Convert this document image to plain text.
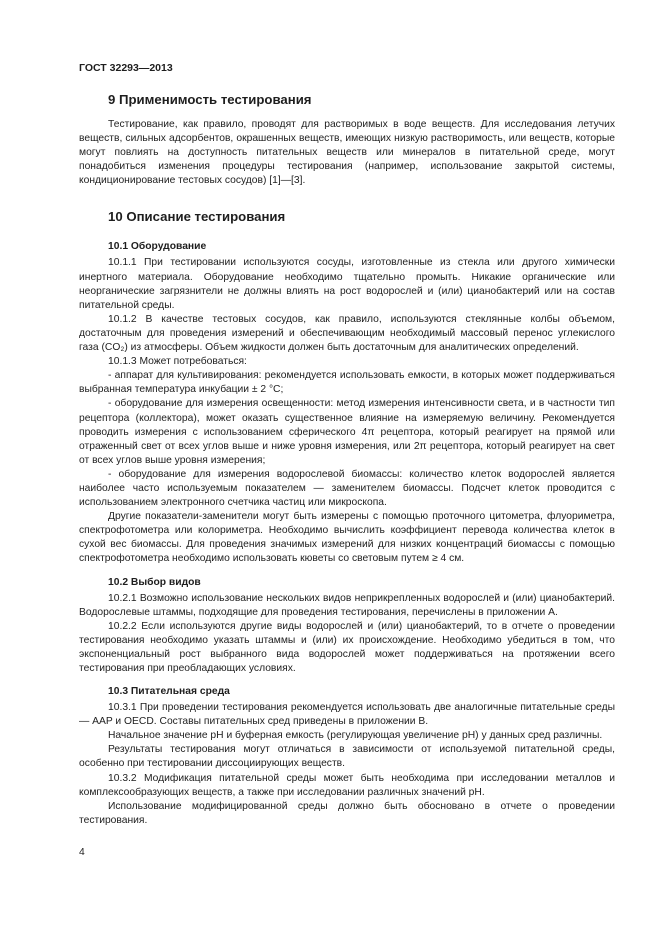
ГОСТ 32293—2013
9 Применимость тестирования

Тестирование, как правило, проводят для растворимых в воде веществ. Для исследования летучих веществ, сильных адсорбентов, окрашенных веществ, имеющих низкую растворимость, или веществ, которые могут повлиять на доступность питательных веществ или минералов в питательной среде, могут понадобиться изменения процедуры тестирования (например, использование закрытой системы, кондиционирование тестовых сосудов) [1]—[3].

10 Описание тестирования
10.1 Оборудование

10.1.1 При тестировании используются сосуды, изготовленные из стекла или другого химически инертного материала. Оборудование необходимо тщательно промыть. Никакие органические или неорганические загрязнители не должны влиять на рост водорослей и (или) цианобактерий или на состав питательной среды.

10.1.2 В качестве тестовых сосудов, как правило, используются стеклянные колбы объемом, достаточным для проведения измерений и обеспечивающим необходимый массовый перенос углекислого газа (CO₂) из атмосферы. Объем жидкости должен быть достаточным для аналитических определений.

10.1.3 Может потребоваться:

- аппарат для культивирования: рекомендуется использовать емкости, в которых может поддерживаться выбранная температура инкубации ± 2 °C;

- оборудование для измерения освещенности: метод измерения интенсивности света, и в частности тип рецептора (коллектора), может оказать существенное влияние на измеряемую величину. Рекомендуется проводить измерения с использованием сферического 4π рецептора, который реагирует на прямой или отраженный свет от всех углов выше и ниже уровня измерения, или 2π рецептора, который реагирует на свет от всех углов выше уровня измерения;

- оборудование для измерения водорослевой биомассы: количество клеток водорослей является наиболее часто используемым показателем — заменителем биомассы. Подсчет клеток проводится с использованием электронного счетчика частиц или микроскопа.

Другие показатели-заменители могут быть измерены с помощью проточного цитометра, флуориметра, спектрофотометра или колориметра. Необходимо вычислить коэффициент перевода количества клеток в сухой вес биомассы. Для проведения значимых измерений для низких концентраций биомассы с помощью спектрофотометра необходимо использовать кюветы со световым путем ≥ 4 см.

10.2 Выбор видов

10.2.1 Возможно использование нескольких видов неприкрепленных водорослей и (или) цианобактерий. Водорослевые штаммы, подходящие для проведения тестирования, перечислены в приложении А.

10.2.2 Если используются другие виды водорослей и (или) цианобактерий, то в отчете о проведении тестирования необходимо указать штаммы и (или) их происхождение. Необходимо убедиться в том, что экспоненциальный рост выбранного вида водорослей может поддерживаться на протяжении всего тестирования при преобладающих условиях.

10.3 Питательная среда

10.3.1 При проведении тестирования рекомендуется использовать две аналогичные питательные среды — AAP и OECD. Составы питательных сред приведены в приложении В.

Начальное значение pH и буферная емкость (регулирующая увеличение pH) у данных сред различны.

Результаты тестирования могут отличаться в зависимости от используемой питательной среды, особенно при тестировании диссоциирующих веществ.

10.3.2 Модификация питательной среды может быть необходима при исследовании металлов и комплексообразующих веществ, а также при исследовании различных значений pH.

Использование модифицированной среды должно быть обосновано в отчете о проведении тестирования.

4
